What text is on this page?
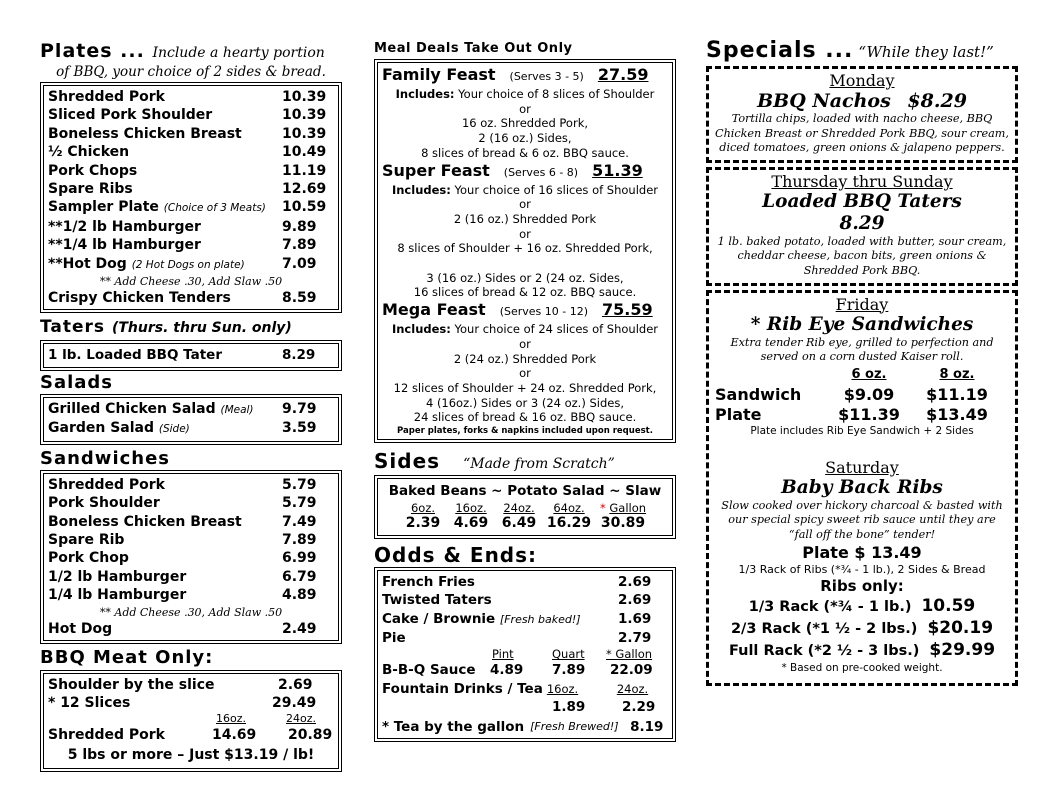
Plates ... Include a hearty portion
of BBQ, your choice of 2 sides & bread.
Shredded Pork	10.39
Sliced Pork Shoulder	10.39
Boneless Chicken Breast	10.39
½ Chicken	10.49
Pork Chops	11.19
Spare Ribs	12.69
Sampler Plate (Choice of 3 Meats) 10.59
**1/2 lb Hamburger	9.89
**1/4 lb Hamburger	7.89
**Hot Dog (2 Hot Dogs on plate)	7.09
** Add Cheese .30, Add Slaw .50
Crispy Chicken Tenders	8.59
Taters (Thurs. thru Sun. only)
1 lb. Loaded BBQ Tater	8.29
Salads
Grilled Chicken Salad (Meal) 9.79
Garden Salad (Side)	3.59
Sandwiches
Shredded Pork	5.79
Pork Shoulder	5.79
Boneless Chicken Breast	7.49
Spare Rib	7.89
Pork Chop	6.99
1/2 lb Hamburger	6.79
1/4 lb Hamburger	4.89
** Add Cheese .30, Add Slaw .50
Hot Dog	2.49
BBQ Meat Only:
Shoulder by the slice	2.69
* 12 Slices	29.49
16oz.	24oz.
Shredded Pork	14.69	20.89
5 lbs or more – Just $13.19 / lb!
Meal Deals Take Out Only
Family Feast (Serves 3 - 5) 27.59
Includes: Your choice of 8 slices of Shoulder
or
16 oz. Shredded Pork,
2 (16 oz.) Sides,
8 slices of bread & 6 oz. BBQ sauce.
Super Feast (Serves 6 - 8) 51.39
Includes: Your choice of 16 slices of Shoulder
or
2 (16 oz.) Shredded Pork
or
8 slices of Shoulder + 16 oz. Shredded Pork,

3 (16 oz.) Sides or 2 (24 oz. Sides,
16 slices of bread & 12 oz. BBQ sauce.
Mega Feast (Serves 10 - 12) 75.59
Includes: Your choice of 24 slices of Shoulder
or
2 (24 oz.) Shredded Pork
or
12 slices of Shoulder + 24 oz. Shredded Pork,
4 (16oz.) Sides or 3 (24 oz.) Sides,
24 slices of bread & 16 oz. BBQ sauce.
Paper plates, forks & napkins included upon request.
Sides “Made from Scratch”
Baked Beans ~ Potato Salad ~ Slaw
6oz.	16oz.	24oz.	64oz.	* Gallon
2.39 4.69 6.49 16.29 30.89
Odds & Ends:
French Fries	2.69
Twisted Taters	2.69
Cake / Brownie [Fresh baked!]	1.69
Pie	2.79
Pint	Quart	* Gallon
B-B-Q Sauce	4.89	7.89	22.09
Fountain Drinks / Tea 16oz.	24oz.
1.89	2.29
* Tea by the gallon [Fresh Brewed!] 8.19
Specials ... “While they last!”
Monday
BBQ Nachos $8.29
Tortilla chips, loaded with nacho cheese, BBQ Chicken Breast or Shredded Pork BBQ, sour cream, diced tomatoes, green onions & jalapeno peppers.
Thursday thru Sunday
Loaded BBQ Taters
8.29
1 lb. baked potato, loaded with butter, sour cream, cheddar cheese, bacon bits, green onions & Shredded Pork BBQ.
Friday
* Rib Eye Sandwiches
Extra tender Rib eye, grilled to perfection and served on a corn dusted Kaiser roll.
6 oz.	8 oz.
Sandwich	$9.09	$11.19
Plate	$11.39	$13.49
Plate includes Rib Eye Sandwich + 2 Sides
Saturday
Baby Back Ribs
Slow cooked over hickory charcoal & basted with our special spicy sweet rib sauce until they are “fall off the bone” tender!
Plate $ 13.49
1/3 Rack of Ribs (*¾ - 1 lb.), 2 Sides & Bread
Ribs only:
1/3 Rack (*¾ - 1 lb.) 10.59
2/3 Rack (*1 ½ - 2 lbs.) $20.19
Full Rack (*2 ½ - 3 lbs.) $29.99
* Based on pre-cooked weight.
